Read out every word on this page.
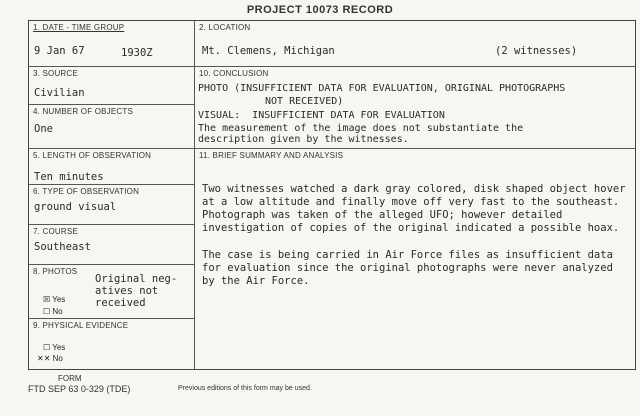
PROJECT 10073 RECORD
1. DATE - TIME GROUP
9 Jan 67	1930Z
3. SOURCE
Civilian
4. NUMBER OF OBJECTS
One
5. LENGTH OF OBSERVATION
Ten minutes
6. TYPE OF OBSERVATION
ground visual
7. COURSE
Southeast
8. PHOTOS
☒ Yes
☐ No
Original neg-
atives not
received
9. PHYSICAL EVIDENCE
☐ Yes
✕✕ No
2. LOCATION
Mt. Clemens, Michigan	(2 witnesses)
10. CONCLUSION
PHOTO (INSUFFICIENT DATA FOR EVALUATION, ORIGINAL PHOTOGRAPHS
NOT RECEIVED)
VISUAL:  INSUFFICIENT DATA FOR EVALUATION
The measurement of the image does not substantiate the
description given by the witnesses.
11. BRIEF SUMMARY AND ANALYSIS
Two witnesses watched a dark gray colored, disk shaped object hover at a low altitude and finally move off very fast to the southeast. Photograph was taken of the alleged UFO; however detailed investigation of copies of the original indicated a possible hoax.
The case is being carried in Air Force files as insufficient data for evaluation since the original photographs were never analyzed by the Air Force.
FORM
FTD SEP 63 0-329 (TDE)	Previous editions of this form may be used.
